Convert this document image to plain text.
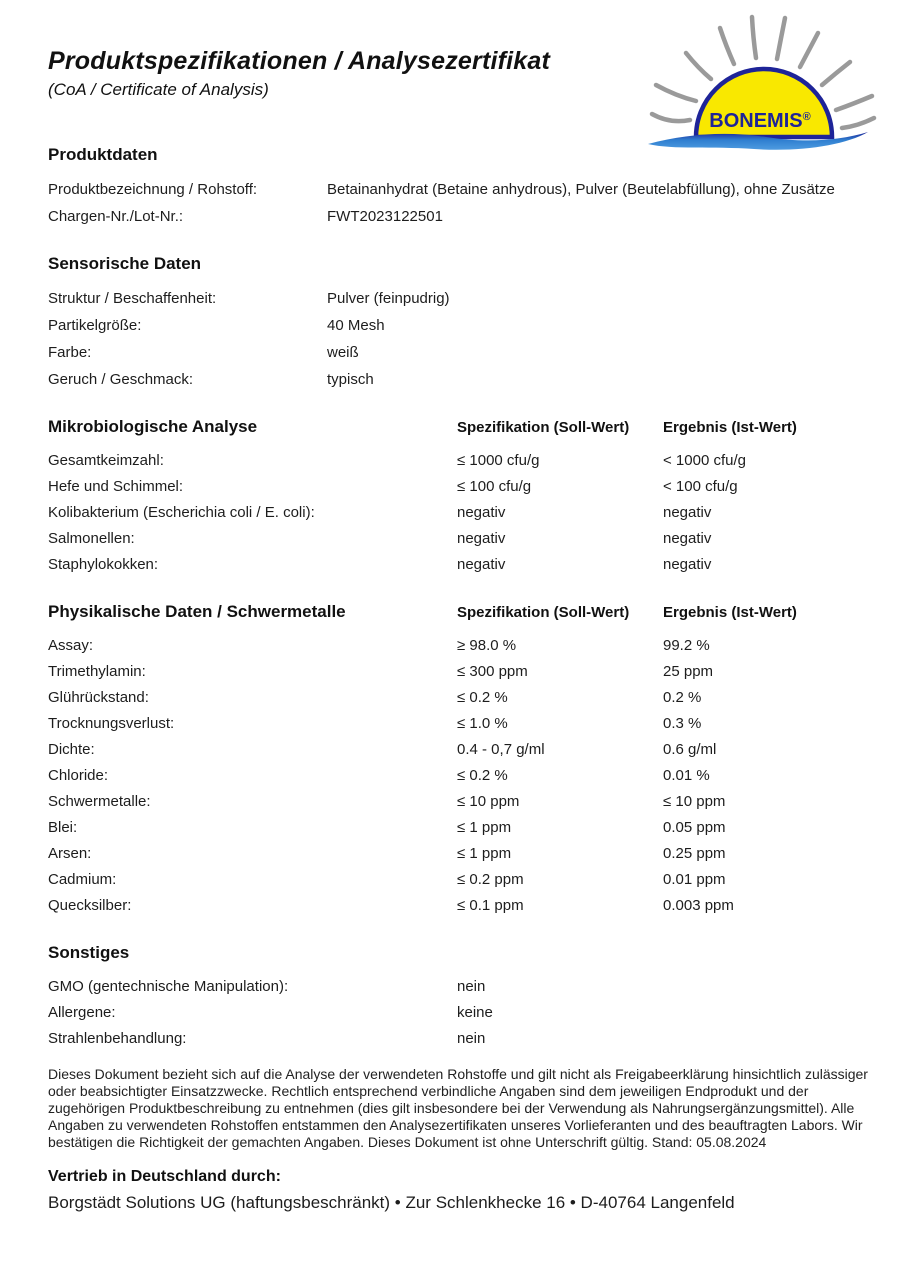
BONEMIS®
Produktspezifikationen / Analysezertifikat
(CoA / Certificate of Analysis)
Produktdaten
Produktbezeichnung / Rohstoff:	Betainanhydrat (Betaine anhydrous), Pulver (Beutelabfüllung), ohne Zusätze
Chargen-Nr./Lot-Nr.:	FWT2023122501
Sensorische Daten
Struktur / Beschaffenheit:	Pulver (feinpudrig)
Partikelgröße:	40 Mesh
Farbe:	weiß
Geruch / Geschmack:	typisch
Mikrobiologische Analyse	Spezifikation (Soll-Wert)	Ergebnis (Ist-Wert)
Gesamtkeimzahl:	≤ 1000 cfu/g	< 1000 cfu/g
Hefe und Schimmel:	≤ 100 cfu/g	< 100 cfu/g
Kolibakterium (Escherichia coli / E. coli):	negativ	negativ
Salmonellen:	negativ	negativ
Staphylokokken:	negativ	negativ
Physikalische Daten / Schwermetalle	Spezifikation (Soll-Wert)	Ergebnis (Ist-Wert)
Assay:	≥ 98.0 %	99.2 %
Trimethylamin:	≤ 300 ppm	25 ppm
Glührückstand:	≤ 0.2 %	0.2 %
Trocknungsverlust:	≤ 1.0 %	0.3 %
Dichte:	0.4 - 0,7 g/ml	0.6 g/ml
Chloride:	≤ 0.2 %	0.01 %
Schwermetalle:	≤ 10 ppm	≤ 10 ppm
Blei:	≤ 1 ppm	0.05 ppm
Arsen:	≤ 1 ppm	0.25 ppm
Cadmium:	≤ 0.2 ppm	0.01 ppm
Quecksilber:	≤ 0.1 ppm	0.003 ppm
Sonstiges
GMO (gentechnische Manipulation):	nein
Allergene:	keine
Strahlenbehandlung:	nein

Dieses Dokument bezieht sich auf die Analyse der verwendeten Rohstoffe und gilt nicht als Freigabeerklärung hinsichtlich zulässiger oder beabsichtigter Einsatzzwecke. Rechtlich entsprechend verbindliche Angaben sind dem jeweiligen Endprodukt und der zugehörigen Produktbeschreibung zu entnehmen (dies gilt insbesondere bei der Verwendung als Nahrungsergänzungsmittel). Alle Angaben zu verwendeten Rohstoffen entstammen den Analysezertifikaten unseres Vorlieferanten und des beauftragten Labors. Wir bestätigen die Richtigkeit der gemachten Angaben. Dieses Dokument ist ohne Unterschrift gültig. Stand: 05.08.2024

Vertrieb in Deutschland durch:
Borgstädt Solutions UG (haftungsbeschränkt) • Zur Schlenkhecke 16 • D-40764 Langenfeld
